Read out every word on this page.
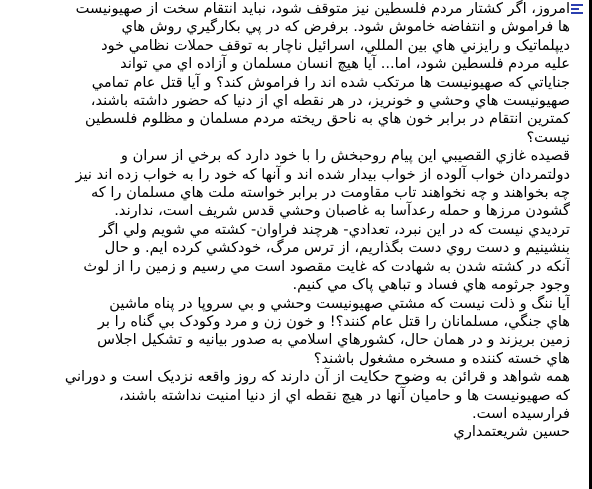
امروز، اگر کشتار مردم فلسطين نيز متوقف شود، نبايد انتقام سخت از صهيونيست
ها فراموش و انتفاضه خاموش شود. برفرض که در پي بکارگيري روش هاي
ديپلماتيک و رايزني هاي بين المللي، اسرائيل ناچار به توقف حملات نظامي خود
عليه مردم فلسطين شود، اما... آيا هيچ انسان مسلمان و آزاده اي مي تواند
جناياتي که صهيونيست ها مرتکب شده اند را فراموش کند؟ و آيا قتل عام تمامي
صهيونيست هاي وحشي و خونريز، در هر نقطه اي از دنيا که حضور داشته باشند،
کمترين انتقام در برابر خون هاي به ناحق ريخته مردم مسلمان و مظلوم فلسطين
نيست؟
قصيده غازي القصيبي اين پيام روحبخش را با خود دارد که برخي از سران و
دولتمردان خواب آلوده از خواب بيدار شده اند و آنها که خود را به خواب زده اند نيز
چه بخواهند و چه نخواهند تاب مقاومت در برابر خواسته ملت هاي مسلمان را که
گشودن مرزها و حمله رعدآسا به غاصبان وحشي قدس شريف است، ندارند.
ترديدي نيست که در اين نبرد، تعدادي- هرچند فراوان- کشته مي شويم ولي اگر
بنشينيم و دست روي دست بگذاريم، از ترس مرگ، خودکشي کرده ايم. و حال
آنکه در کشته شدن به شهادت که غايت مقصود است مي رسيم و زمين را از لوث
وجود جرثومه هاي فساد و تباهي پاک مي کنيم.
آيا ننگ و ذلت نيست که مشتي صهيونيست وحشي و بي سروپا در پناه ماشين
هاي جنگي، مسلمانان را قتل عام کنند؟! و خون زن و مرد وکودک بي گناه را بر
زمين بريزند و در همان حال، کشورهاي اسلامي به صدور بيانيه و تشکيل اجلاس
هاي خسته کننده و مسخره مشغول باشند؟
همه شواهد و قرائن به وضوح حکايت از آن دارند که روز واقعه نزديک است و دوراني
که صهيونيست ها و حاميان آنها در هيچ نقطه اي از دنيا امنيت نداشته باشند،
فرارسيده است.
حسين شريعتمداري
